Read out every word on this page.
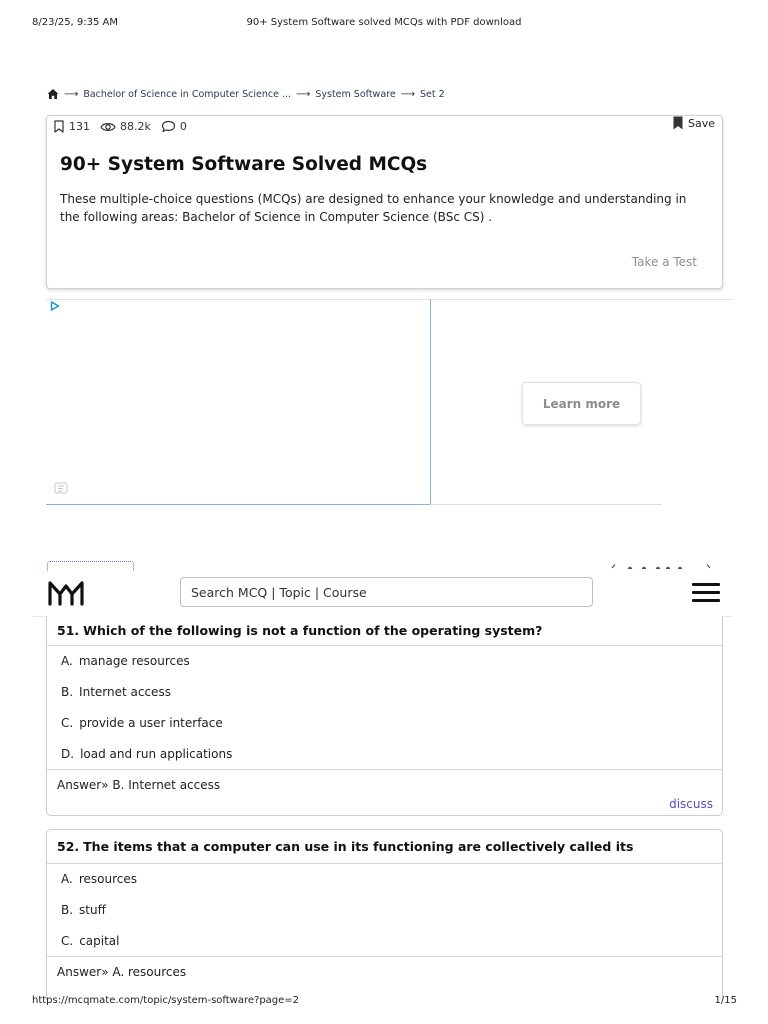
8/23/25, 9:35 AM	90+ System Software solved MCQs with PDF download
⟶ Bachelor of Science in Computer Science ... ⟶ System Software ⟶ Set 2
131	88.2k	0	Save
90+ System Software Solved MCQs

These multiple-choice questions (MCQs) are designed to enhance your knowledge and understanding in the following areas: Bachelor of Science in Computer Science (BSc CS) .

Take a Test
Learn more
Search MCQ | Topic | Course
51. Which of the following is not a function of the operating system?
A. manage resources
B. Internet access
C. provide a user interface
D. load and run applications
Answer»
B. Internet access
discuss
52. The items that a computer can use in its functioning are collectively called its
A. resources
B. stuff
C. capital
Answer»
A. resources
https://mcqmate.com/topic/system-software?page=2	1/15
